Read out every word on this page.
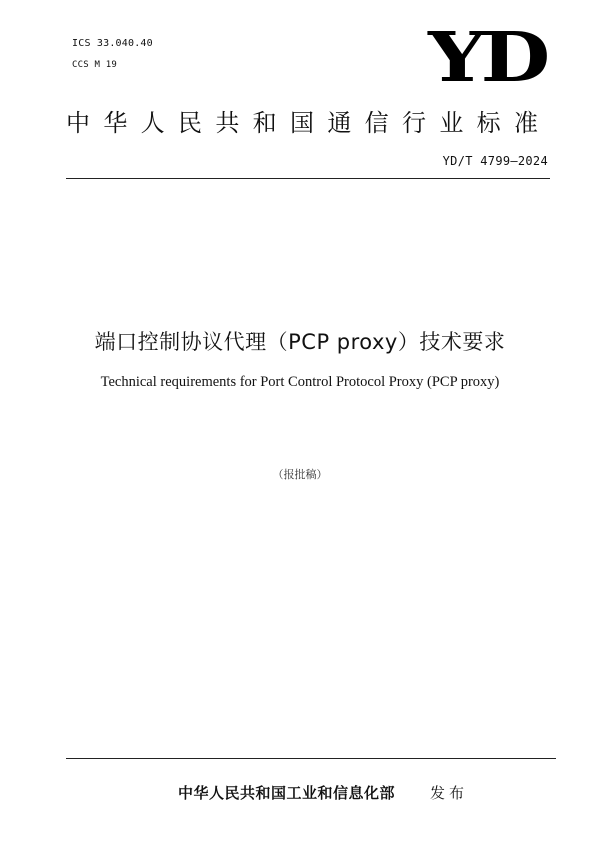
ICS 33.040.40
CCS M 19	YD
中华人民共和国通信行业标准
YD/T 4799—2024
端口控制协议代理（PCP proxy）技术要求
Technical requirements for Port Control Protocol Proxy (PCP proxy)
（报批稿）
中华人民共和国工业和信息化部 发布
